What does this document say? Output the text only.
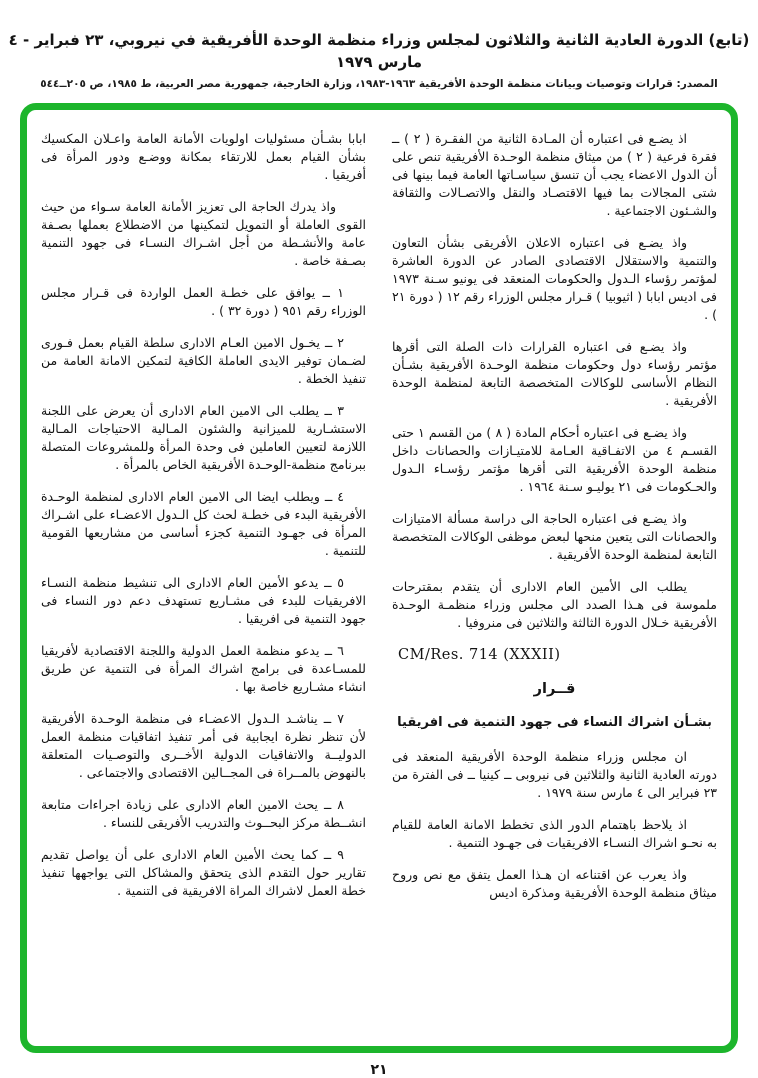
(تابع) الدورة العادية الثانية والثلاثون لمجلس وزراء منظمة الوحدة الأفريقية في نيروبي، ٢٣ فبراير - ٤ مارس ١٩٧٩
المصدر: قرارات وتوصيات وبيانات منظمة الوحدة الأفريقية ١٩٦٣-١٩٨٣، وزارة الخارجية، جمهورية مصر العربية، ط ١٩٨٥، ص ٢٠٥ــ٥٤٤

اذ يضـع فى اعتباره أن المـادة الثانية من الفقـرة ( ٢ ) ــ فقرة فرعية ( ٢ ) من ميثاق منظمة الوحـدة الأفريقية تنص على أن الدول الاعضاء يجب أن تنسق سياسـاتها العامة فيما بينها فى شتى المجالات بما فيها الاقتصـاد والنقل والاتصـالات والثقافة والشـئون الاجتماعية .

واذ يضـع فى اعتباره الاعلان الأفريقى بشأن التعاون والتنمية والاستقلال الاقتصادى الصادر عن الدورة العاشرة لمؤتمر رؤساء الـدول والحكومات المنعقد فى يونيو سـنة ١٩٧٣ فى اديس ابابا ( اثيوبيا ) قـرار مجلس الوزراء رقم ١٢ ( دورة ٢١ ) .

واذ يضـع فى اعتباره القرارات ذات الصلة التى أقرها مؤتمر رؤساء دول وحكومات منظمة الوحـدة الأفريقية بشـأن النظام الأساسى للوكالات المتخصصة التابعة لمنظمة الوحدة الأفريقية .

واذ يضـع فى اعتباره أحكام المادة ( ٨ ) من القسم ١ حتى القسـم ٤ من الاتفـاقية العـامة للامتيـازات والحصانات داخل منظمة الوحدة الأفريقية التى أقرها مؤتمر رؤسـاء الـدول والحـكومات فى ٢١ يوليـو سـنة ١٩٦٤ .

واذ يضـع فى اعتباره الحاجة الى دراسة مسألة الامتيازات والحصانات التى يتعين منحها لبعض موظفى الوكالات المتخصصة التابعة لمنظمة الوحدة الأفريقية .

يطلب الى الأمين العام الادارى أن يتقدم بمقترحات ملموسة فى هـذا الصدد الى مجلس وزراء منظمـة الوحـدة الأفريقية خـلال الدورة الثالثة والثلاثين فى منروفيا .

CM/Res. 714 (XXXII)
قــرار
بشـأن اشراك النساء فى جهود التنمية فى افريقيا

ان مجلس وزراء منظمة الوحدة الأفريقية المنعقد فى دورته العادية الثانية والثلاثين فى نيروبى ــ كينيا ــ فى الفترة من ٢٣ فبراير الى ٤ مارس سنة ١٩٧٩ .

اذ يلاحظ باهتمام الدور الذى تخطط الامانة العامة للقيام به نحـو اشراك النسـاء الافريقيات فى جهـود التنمية .

واذ يعرب عن اقتناعه ان هـذا العمل يتفق مع نص وروح ميثاق منظمة الوحدة الأفريقية ومذكرة اديس

ابابا بشـأن مسئوليات اولويات الأمانة العامة واعـلان المكسيك بشأن القيام بعمل للارتقاء بمكانة ووضـع ودور المرأة فى أفريقيا .

واذ يدرك الحاجة الى تعزيز الأمانة العامة سـواء من حيث القوى العاملة أو التمويل لتمكينها من الاضطلاع بعملها بصـفة عامة والأنشـطة من أجل اشـراك النسـاء فى جهود التنمية بصـفة خاصة .

١ ــ يوافق على خطـة العمل الواردة فى قـرار مجلس الوزراء رقم ٩٥١ ( دورة ٣٢ ) .

٢ ــ يخـول الامين العـام الادارى سلطة القيام بعمل فـورى لضـمان توفير الايدى العاملة الكافية لتمكين الامانة العامة من تنفيذ الخطة .

٣ ــ يطلب الى الامين العام الادارى أن يعرض على اللجنة الاستشـارية للميزانية والشئون المـالية الاحتياجات المـالية اللازمة لتعيين العاملين فى وحدة المرأة وللمشروعات المتصلة ببرنامج منظمة-الوحـدة الأفريقية الخاص بالمرأة .

٤ ــ ويطلب ايضا الى الامين العام الادارى لمنظمة الوحـدة الأفريقية البدء فى خطـة لحث كل الـدول الاعضـاء على اشـراك المرأة فى جهـود التنمية كجزء أساسى من مشاريعها القومية للتنمية .

٥ ــ يدعو الأمين العام الادارى الى تنشيط منظمة النسـاء الافريقيات للبدء فى مشـاريع تستهدف دعم دور النساء فى جهود التنمية فى افريقيا .

٦ ــ يدعو منظمة العمل الدولية واللجنة الاقتصادية لأفريقيا للمسـاعدة فى برامج اشراك المرأة فى التنمية عن طريق انشاء مشـاريع خاصة بها .

٧ ــ يناشـد الـدول الاعضـاء فى منظمة الوحـدة الأفريقية لأن تنظر نظرة ايجابية فى أمر تنفيذ اتفاقيات منظمة العمل الدوليــة والاتفاقيات الدولية الأخــرى والتوصـيات المتعلقة بالنهوض بالمــراة فى المجــالين الاقتصادى والاجتماعى .

٨ ــ يحث الامين العام الادارى على زيادة اجراءات متابعة انشــطة مركز البحــوث والتدريب الأفريقى للنساء .

٩ ــ كما يحث الأمين العام الادارى على أن يواصل تقديم تقارير حول التقدم الذى يتحقق والمشاكل التى يواجهها تنفيذ خطة العمل لاشراك المراة الافريقية فى التنمية .

٢١
